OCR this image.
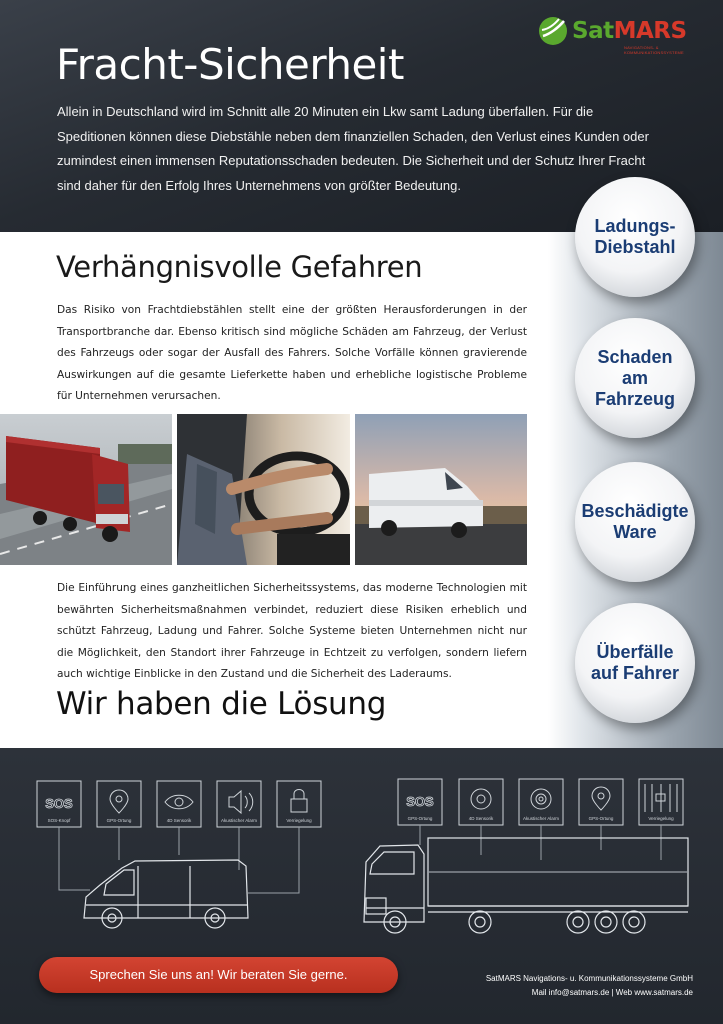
SatMARS
NAVIGATIONS- & KOMMUNIKATIONSSYSTEME
Fracht-Sicherheit

Allein in Deutschland wird im Schnitt alle 20 Minuten ein Lkw samt Ladung überfallen. Für die Speditionen können diese Diebstähle neben dem finanziellen Schaden, den Verlust eines Kunden oder zumindest einen immensen Reputationsschaden bedeuten. Die Sicherheit und der Schutz Ihrer Fracht sind daher für den Erfolg Ihres Unternehmens von größter Bedeutung.

Ladungs-
Diebstahl
Schaden
am
Fahrzeug
Beschädigte
Ware
Überfälle
auf Fahrer
Verhängnisvolle Gefahren

Das Risiko von Frachtdiebstählen stellt eine der größten Herausforderungen in der Transportbranche dar. Ebenso kritisch sind mögliche Schäden am Fahrzeug, der Verlust des Fahrzeugs oder sogar der Ausfall des Fahrers. Solche Vorfälle können gravierende Auswirkungen auf die gesamte Lieferkette haben und erhebliche logistische Probleme für Unternehmen verursachen.

Die Einführung eines ganzheitlichen Sicherheitssystems, das moderne Technologien mit bewährten Sicherheitsmaßnahmen verbindet, reduziert diese Risiken erheblich und schützt Fahrzeug, Ladung und Fahrer. Solche Systeme bieten Unternehmen nicht nur die Möglichkeit, den Standort ihrer Fahrzeuge in Echtzeit zu verfolgen, sondern liefern auch wichtige Einblicke in den Zustand und die Sicherheit des Laderaums.

Wir haben die Lösung
SOS
SOS-Knopf	GPS-Ortung	4D Sensorik	Akustischer Alarm	Verriegelung
SOS
GPS-Ortung	4D Sensorik	Akustischer Alarm	GPS-Ortung	Verriegelung
Sprechen Sie uns an! Wir beraten Sie gerne.	SatMARS Navigations- u. Kommunikationssysteme GmbH
Mail info@satmars.de | Web www.satmars.de
